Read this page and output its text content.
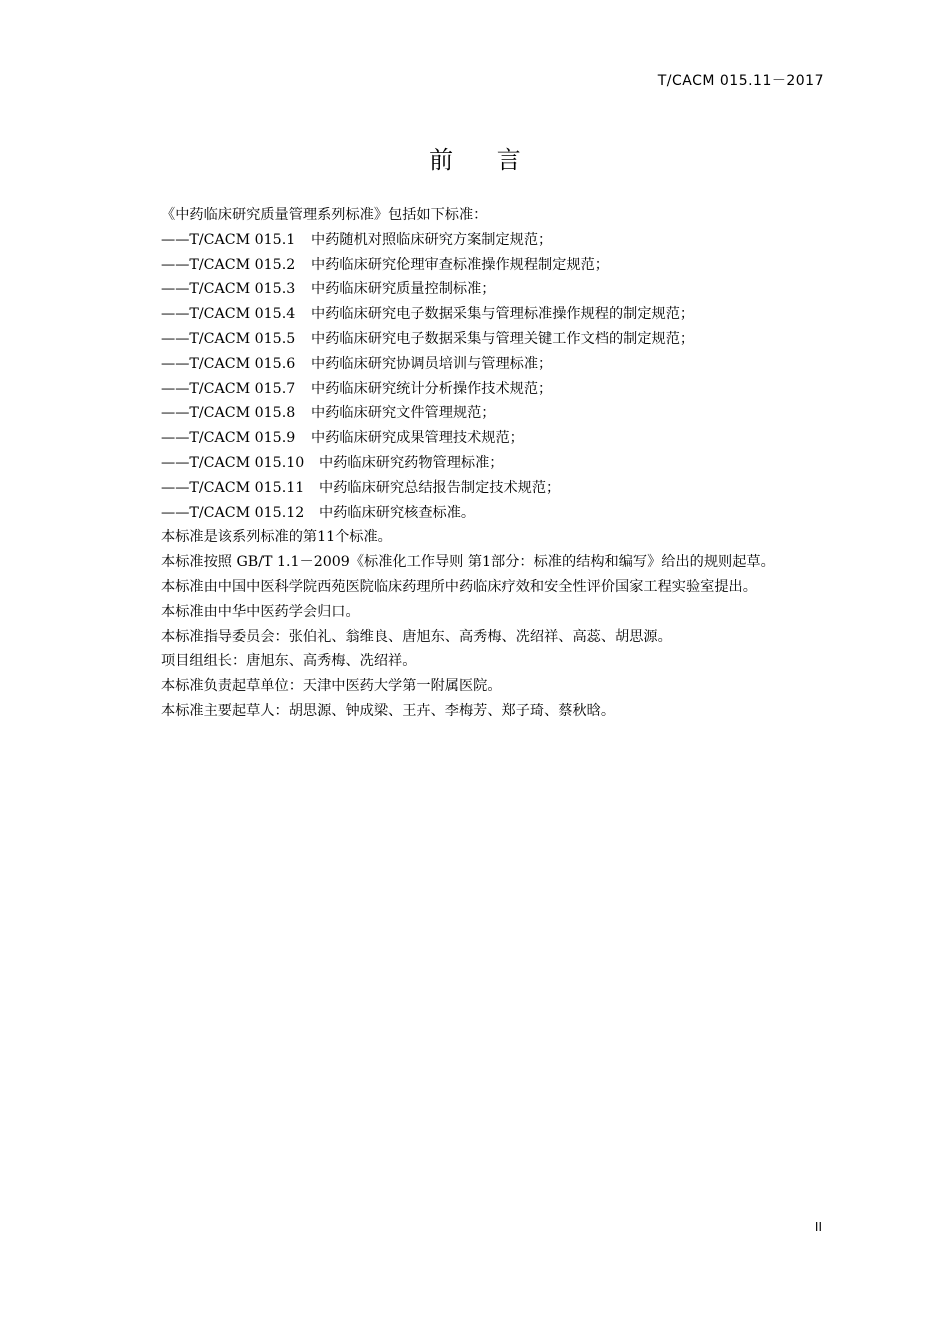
T/CACM 015.11－2017
前 言

《中药临床研究质量管理系列标准》包括如下标准：

——T/CACM 015.1 中药随机对照临床研究方案制定规范；

——T/CACM 015.2 中药临床研究伦理审查标准操作规程制定规范；

——T/CACM 015.3 中药临床研究质量控制标准；

——T/CACM 015.4 中药临床研究电子数据采集与管理标准操作规程的制定规范；

——T/CACM 015.5 中药临床研究电子数据采集与管理关键工作文档的制定规范；

——T/CACM 015.6 中药临床研究协调员培训与管理标准；

——T/CACM 015.7 中药临床研究统计分析操作技术规范；

——T/CACM 015.8 中药临床研究文件管理规范；

——T/CACM 015.9 中药临床研究成果管理技术规范；

——T/CACM 015.10 中药临床研究药物管理标准；

——T/CACM 015.11 中药临床研究总结报告制定技术规范；

——T/CACM 015.12 中药临床研究核查标准。

本标准是该系列标准的第11个标准。

本标准按照 GB/T 1.1－2009《标准化工作导则 第1部分：标准的结构和编写》给出的规则起草。

本标准由中国中医科学院西苑医院临床药理所中药临床疗效和安全性评价国家工程实验室提出。

本标准由中华中医药学会归口。

本标准指导委员会：张伯礼、翁维良、唐旭东、高秀梅、冼绍祥、高蕊、胡思源。

项目组组长：唐旭东、高秀梅、冼绍祥。

本标准负责起草单位：天津中医药大学第一附属医院。

本标准主要起草人：胡思源、钟成梁、王卉、李梅芳、郑子琦、蔡秋晗。

II
